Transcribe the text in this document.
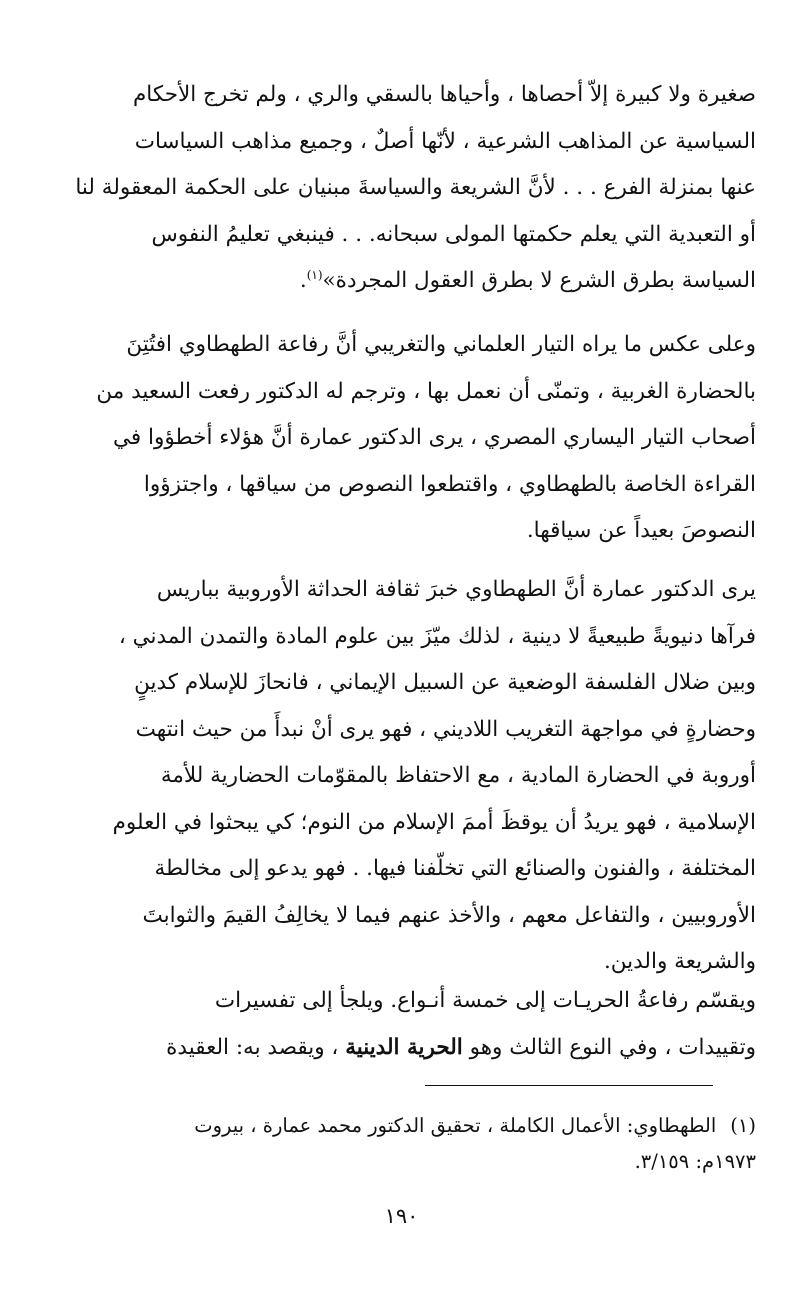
صغيرة ولا كبيرة إلاّ أحصاها ، وأحياها بالسقي والري ، ولم تخرج الأحكام
السياسية عن المذاهب الشرعية ، لأنّها أصلٌ ، وجميع مذاهب السياسات
عنها بمنزلة الفرع . . . لأنَّ الشريعة والسياسةَ مبنيان على الحكمة المعقولة لنا
أو التعبدية التي يعلم حكمتها المولى سبحانه. . . فينبغي تعليمُ النفوس
السياسة بطرق الشرع لا بطرق العقول المجردة»$^{(١)}$.

وعلى عكس ما يراه التيار العلماني والتغريبي أنَّ رفاعة الطهطاوي افتُتِنَ
بالحضارة الغربية ، وتمنّى أن نعمل بها ، وترجم له الدكتور رفعت السعيد من
أصحاب التيار اليساري المصري ، يرى الدكتور عمارة أنَّ هؤلاء أخطؤوا في
القراءة الخاصة بالطهطاوي ، واقتطعوا النصوص من سياقها ، واجتزؤوا
النصوصَ بعيداً عن سياقها.

يرى الدكتور عمارة أنَّ الطهطاوي خبرَ ثقافة الحداثة الأوروبية بباريس
فرآها دنيويةً طبيعيةً لا دينية ، لذلك ميّزَ بين علوم المادة والتمدن المدني ،
وبين ضلال الفلسفة الوضعية عن السبيل الإيماني ، فانحازَ للإسلام كدينٍ
وحضارةٍ في مواجهة التغريب اللاديني ، فهو يرى أنْ نبدأَ من حيث انتهت
أوروبة في الحضارة المادية ، مع الاحتفاظ بالمقوّمات الحضارية للأمة
الإسلامية ، فهو يريدُ أن يوقظَ أممَ الإسلام من النوم؛ كي يبحثوا في العلوم
المختلفة ، والفنون والصنائع التي تخلّفنا فيها. . فهو يدعو إلى مخالطة
الأوروبيين ، والتفاعل معهم ، والأخذ عنهم فيما لا يخالِفُ القيمَ والثوابتَ
والشريعة والدين.

ويقسّم رفاعةُ الحريـات إلى خمسة أنـواع. ويلجأ إلى تفسيرات
وتقييدات ، وفي النوع الثالث وهو الحرية الدينية ، ويقصد به: العقيدة

(١)الطهطاوي: الأعمال الكاملة ، تحقيق الدكتور محمد عمارة ، بيروت
١٩٧٣م: ٣/١٥٩.
١٩٠
